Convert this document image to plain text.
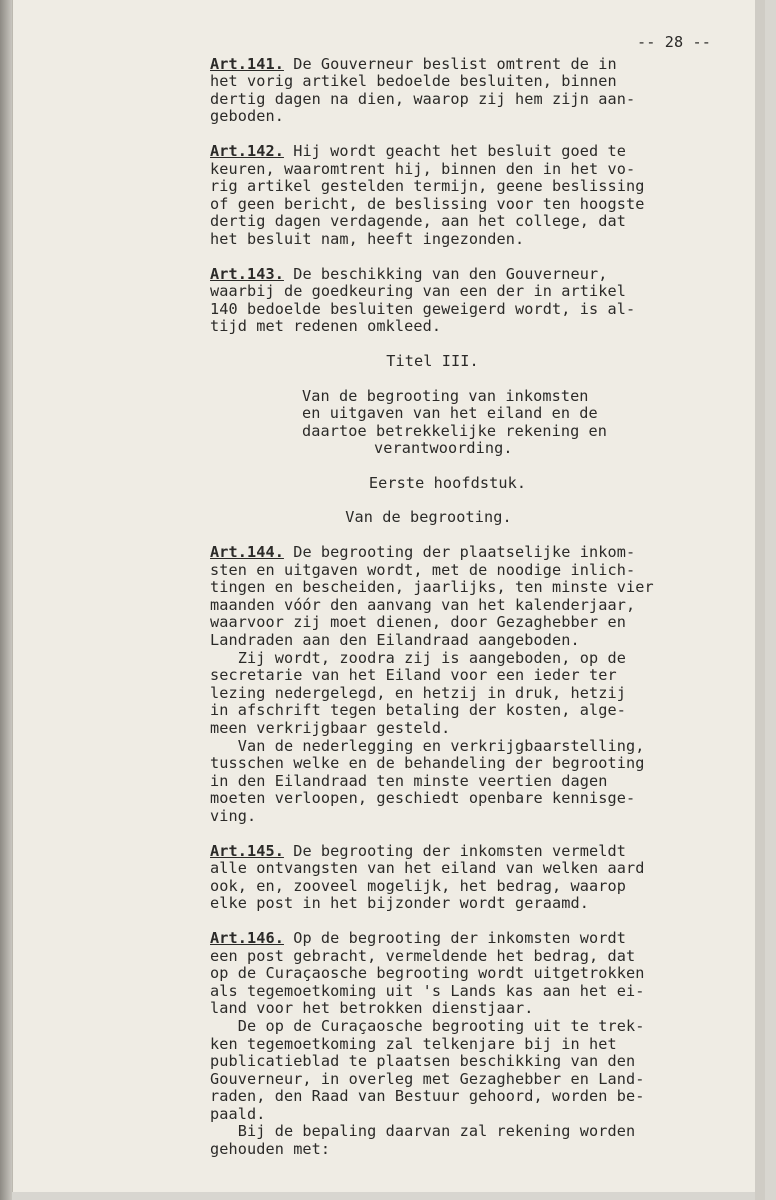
-- 28 --
Art.141. De Gouverneur beslist omtrent de in
het vorig artikel bedoelde besluiten, binnen
dertig dagen na dien, waarop zij hem zijn aan-
geboden.
Art.142. Hij wordt geacht het besluit goed te
keuren, waaromtrent hij, binnen den in het vo-
rig artikel gestelden termijn, geene beslissing
of geen bericht, de beslissing voor ten hoogste
dertig dagen verdagende, aan het college, dat
het besluit nam, heeft ingezonden.
Art.143. De beschikking van den Gouverneur,
waarbij de goedkeuring van een der in artikel
140 bedoelde besluiten geweigerd wordt, is al-
tijd met redenen omkleed.
Titel III.
Van de begrooting van inkomsten
en uitgaven van het eiland en de
daartoe betrekkelijke rekening en
verantwoording.
Eerste hoofdstuk.
Van de begrooting.
Art.144. De begrooting der plaatselijke inkom-
sten en uitgaven wordt, met de noodige inlich-
tingen en bescheiden, jaarlijks, ten minste vier
maanden vóór den aanvang van het kalenderjaar,
waarvoor zij moet dienen, door Gezaghebber en
Landraden aan den Eilandraad aangeboden.
Zij wordt, zoodra zij is aangeboden, op de
secretarie van het Eiland voor een ieder ter
lezing nedergelegd, en hetzij in druk, hetzij
in afschrift tegen betaling der kosten, alge-
meen verkrijgbaar gesteld.
Van de nederlegging en verkrijgbaarstelling,
tusschen welke en de behandeling der begrooting
in den Eilandraad ten minste veertien dagen
moeten verloopen, geschiedt openbare kennisge-
ving.
Art.145. De begrooting der inkomsten vermeldt
alle ontvangsten van het eiland van welken aard
ook, en, zooveel mogelijk, het bedrag, waarop
elke post in het bijzonder wordt geraamd.
Art.146. Op de begrooting der inkomsten wordt
een post gebracht, vermeldende het bedrag, dat
op de Curaçaosche begrooting wordt uitgetrokken
als tegemoetkoming uit 's Lands kas aan het ei-
land voor het betrokken dienstjaar.
De op de Curaçaosche begrooting uit te trek-
ken tegemoetkoming zal telkenjare bij in het
publicatieblad te plaatsen beschikking van den
Gouverneur, in overleg met Gezaghebber en Land-
raden, den Raad van Bestuur gehoord, worden be-
paald.
Bij de bepaling daarvan zal rekening worden
gehouden met:
